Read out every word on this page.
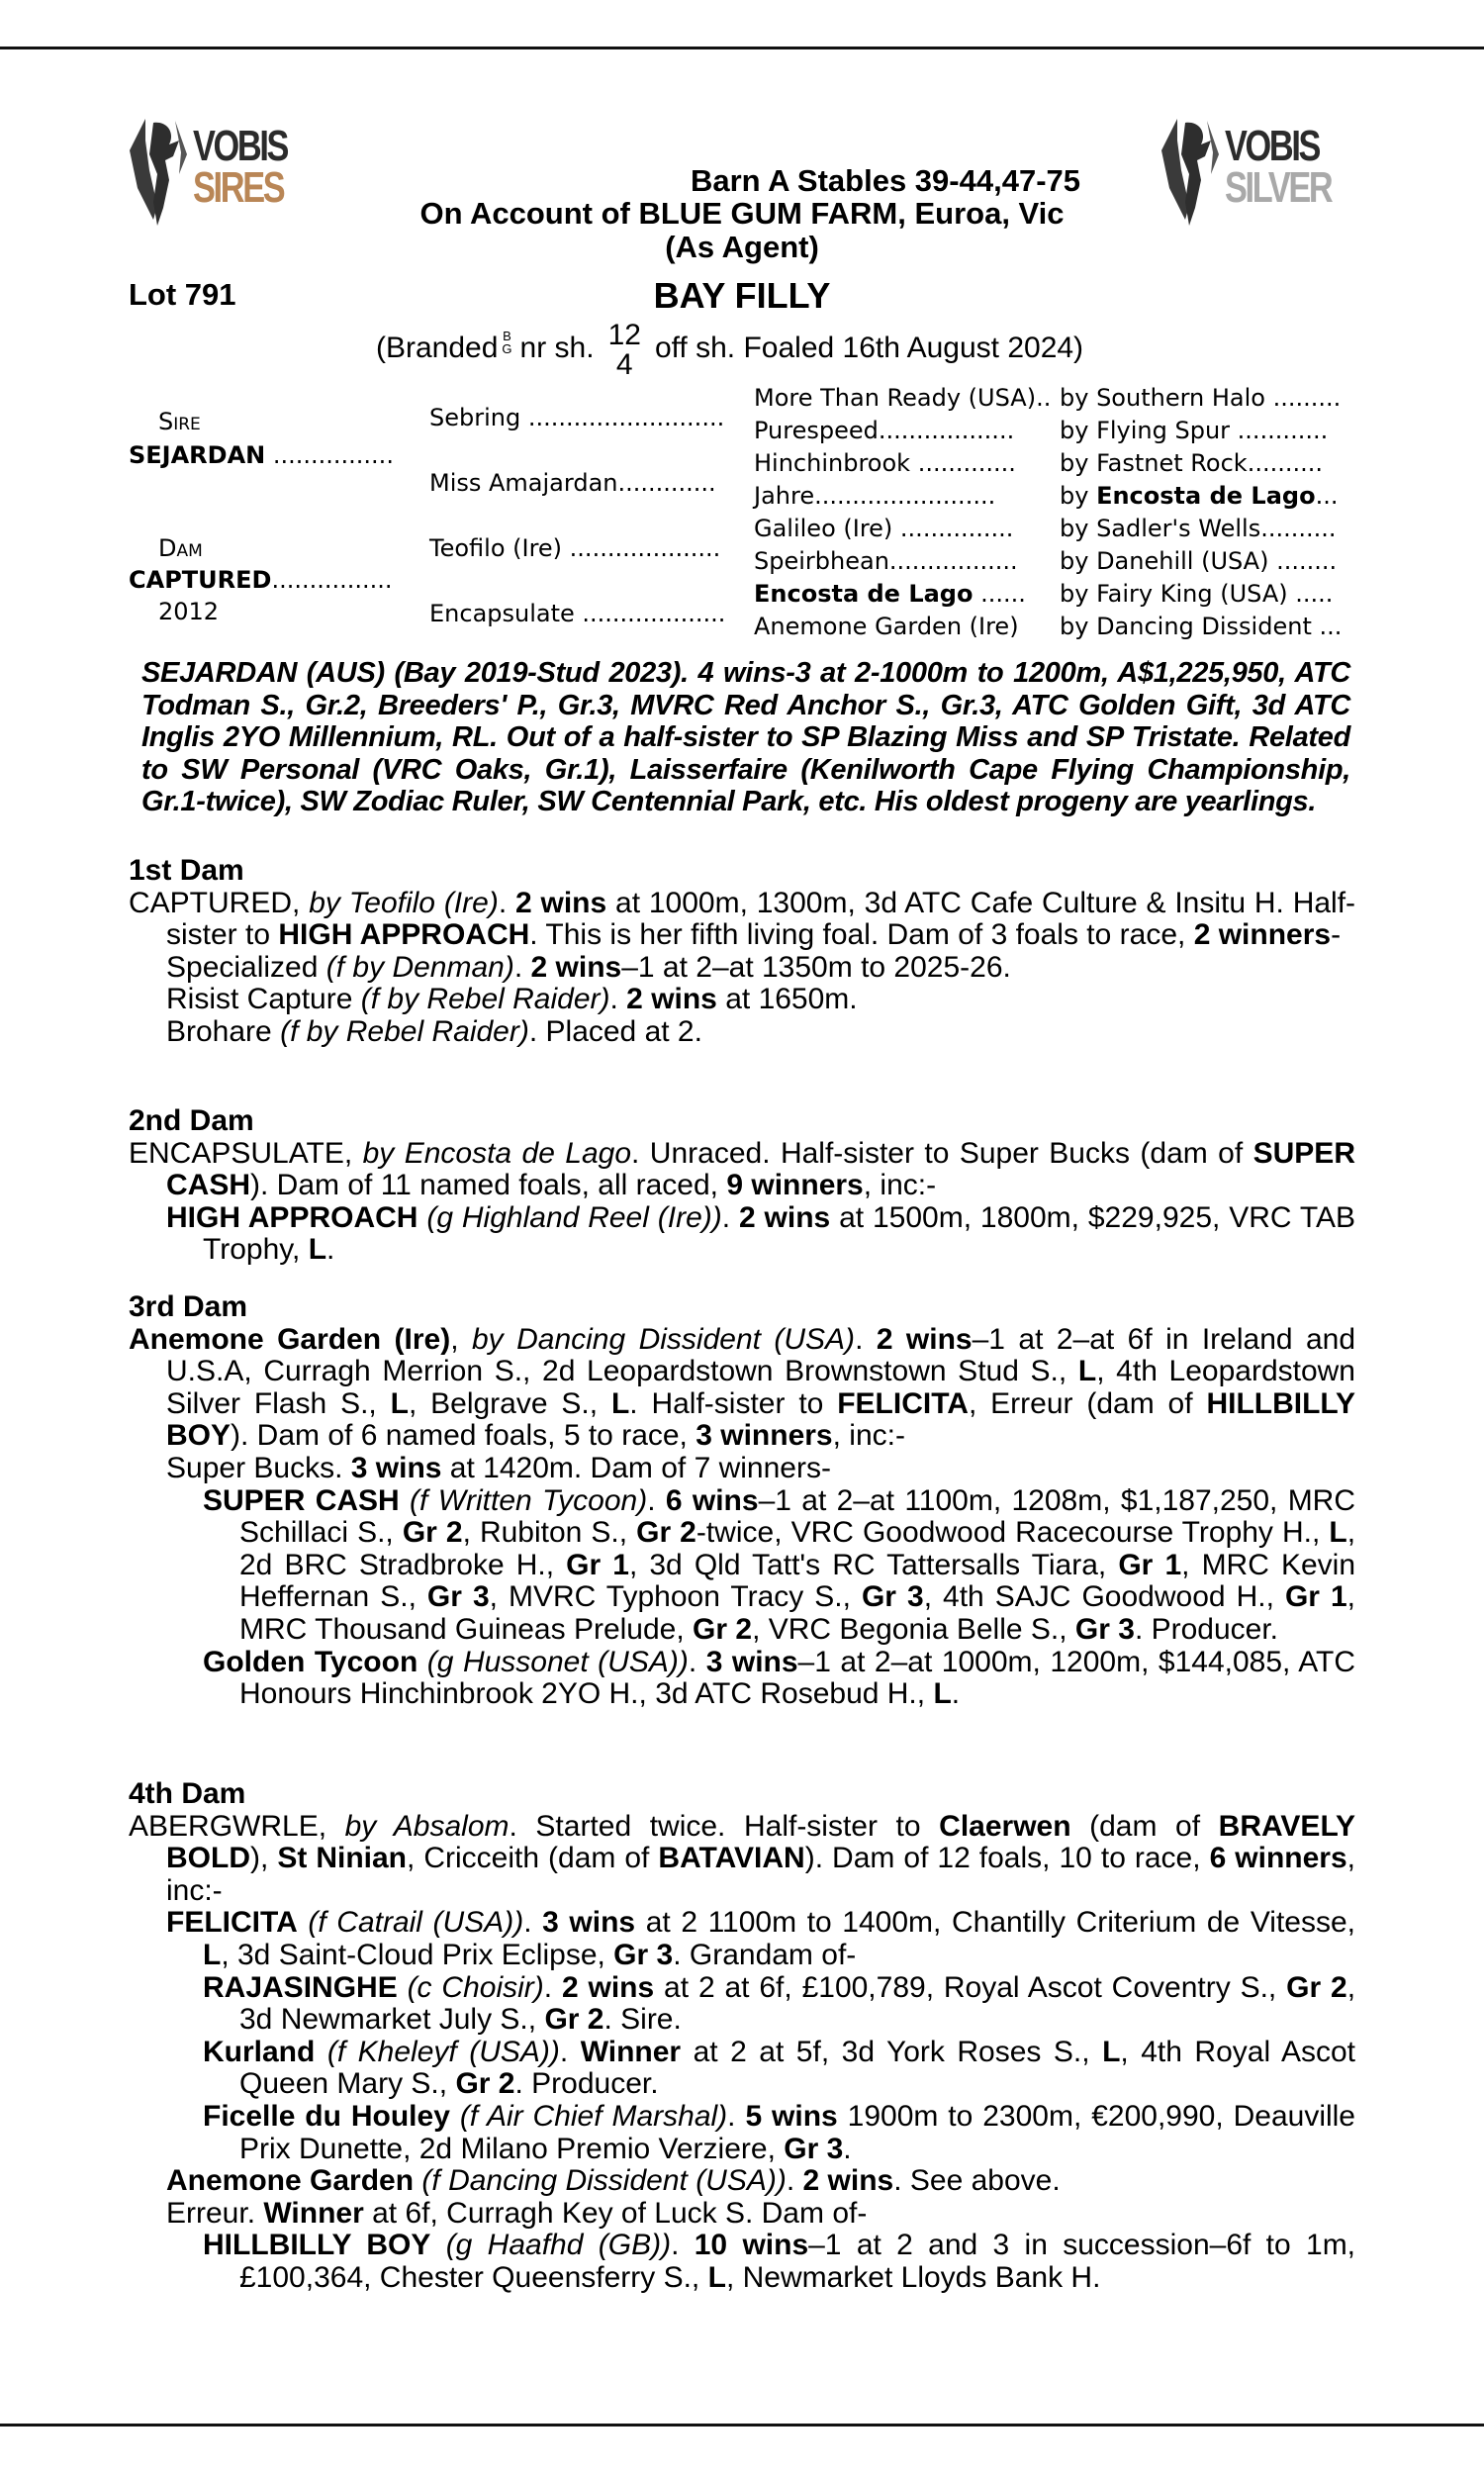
VOBIS
SIRES
VOBIS
SILVER
Barn A Stables 39-44,47-75
On Account of BLUE GUM FARM, Euroa, Vic
(As Agent)
Lot 791	BAY FILLY
(Branded B
G nr sh. 12
4
off sh. Foaled 16th August 2024)
Sire
SEJARDAN ................
Dam
CAPTURED................
2012
Sebring ..........................
Miss Amajardan.............
Teofilo (Ire) ....................
Encapsulate ...................
More Than Ready (USA).. by Southern Halo .........
Purespeed.................. by Flying Spur ............
Hinchinbrook ............. by Fastnet Rock..........
Jahre........................	by Encosta de Lago...
Galileo (Ire) ............... by Sadler's Wells..........
Speirbhean................. by Danehill (USA) ........
Encosta de Lago ...... by Fairy King (USA) .....
Anemone Garden (Ire) by Dancing Dissident ...
SEJARDAN (AUS) (Bay 2019-Stud 2023). 4 wins-3 at 2-1000m to 1200m, A$1,225,950, ATC Todman S., Gr.2, Breeders' P., Gr.3, MVRC Red Anchor S., Gr.3, ATC Golden Gift, 3d ATC Inglis 2YO Millennium, RL. Out of a half-sister to SP Blazing Miss and SP Tristate. Related to SW Personal (VRC Oaks, Gr.1), Laisserfaire (Kenilworth Cape Flying Championship, Gr.1-twice), SW Zodiac Ruler, SW Centennial Park, etc. His oldest progeny are yearlings.
1st Dam
CAPTURED, by Teofilo (Ire). 2 wins at 1000m, 1300m, 3d ATC Cafe Culture & Insitu H. Half-sister to HIGH APPROACH. This is her fifth living foal. Dam of 3 foals to race, 2 winners-
Specialized (f by Denman). 2 wins–1 at 2–at 1350m to 2025-26.
Risist Capture (f by Rebel Raider). 2 wins at 1650m.
Brohare (f by Rebel Raider). Placed at 2.
2nd Dam
ENCAPSULATE, by Encosta de Lago. Unraced. Half-sister to Super Bucks (dam of SUPER CASH). Dam of 11 named foals, all raced, 9 winners, inc:-
HIGH APPROACH (g Highland Reel (Ire)). 2 wins at 1500m, 1800m, $229,925, VRC TAB Trophy, L.
3rd Dam
Anemone Garden (Ire), by Dancing Dissident (USA). 2 wins–1 at 2–at 6f in Ireland and U.S.A, Curragh Merrion S., 2d Leopardstown Brownstown Stud S., L, 4th Leopardstown Silver Flash S., L, Belgrave S., L. Half-sister to FELICITA, Erreur (dam of HILLBILLY BOY). Dam of 6 named foals, 5 to race, 3 winners, inc:-
Super Bucks. 3 wins at 1420m. Dam of 7 winners-
SUPER CASH (f Written Tycoon). 6 wins–1 at 2–at 1100m, 1208m, $1,187,250, MRC Schillaci S., Gr 2, Rubiton S., Gr 2-twice, VRC Goodwood Racecourse Trophy H., L, 2d BRC Stradbroke H., Gr 1, 3d Qld Tatt's RC Tattersalls Tiara, Gr 1, MRC Kevin Heffernan S., Gr 3, MVRC Typhoon Tracy S., Gr 3, 4th SAJC Goodwood H., Gr 1, MRC Thousand Guineas Prelude, Gr 2, VRC Begonia Belle S., Gr 3. Producer.
Golden Tycoon (g Hussonet (USA)). 3 wins–1 at 2–at 1000m, 1200m, $144,085, ATC Honours Hinchinbrook 2YO H., 3d ATC Rosebud H., L.
4th Dam
ABERGWRLE, by Absalom. Started twice. Half-sister to Claerwen (dam of BRAVELY BOLD), St Ninian, Cricceith (dam of BATAVIAN). Dam of 12 foals, 10 to race, 6 winners, inc:-
FELICITA (f Catrail (USA)). 3 wins at 2 1100m to 1400m, Chantilly Criterium de Vitesse, L, 3d Saint-Cloud Prix Eclipse, Gr 3. Grandam of-
RAJASINGHE (c Choisir). 2 wins at 2 at 6f, £100,789, Royal Ascot Coventry S., Gr 2, 3d Newmarket July S., Gr 2. Sire.
Kurland (f Kheleyf (USA)). Winner at 2 at 5f, 3d York Roses S., L, 4th Royal Ascot Queen Mary S., Gr 2. Producer.
Ficelle du Houley (f Air Chief Marshal). 5 wins 1900m to 2300m, €200,990, Deauville Prix Dunette, 2d Milano Premio Verziere, Gr 3.
Anemone Garden (f Dancing Dissident (USA)). 2 wins. See above.
Erreur. Winner at 6f, Curragh Key of Luck S. Dam of-
HILLBILLY BOY (g Haafhd (GB)). 10 wins–1 at 2 and 3 in succession–6f to 1m, £100,364, Chester Queensferry S., L, Newmarket Lloyds Bank H.
